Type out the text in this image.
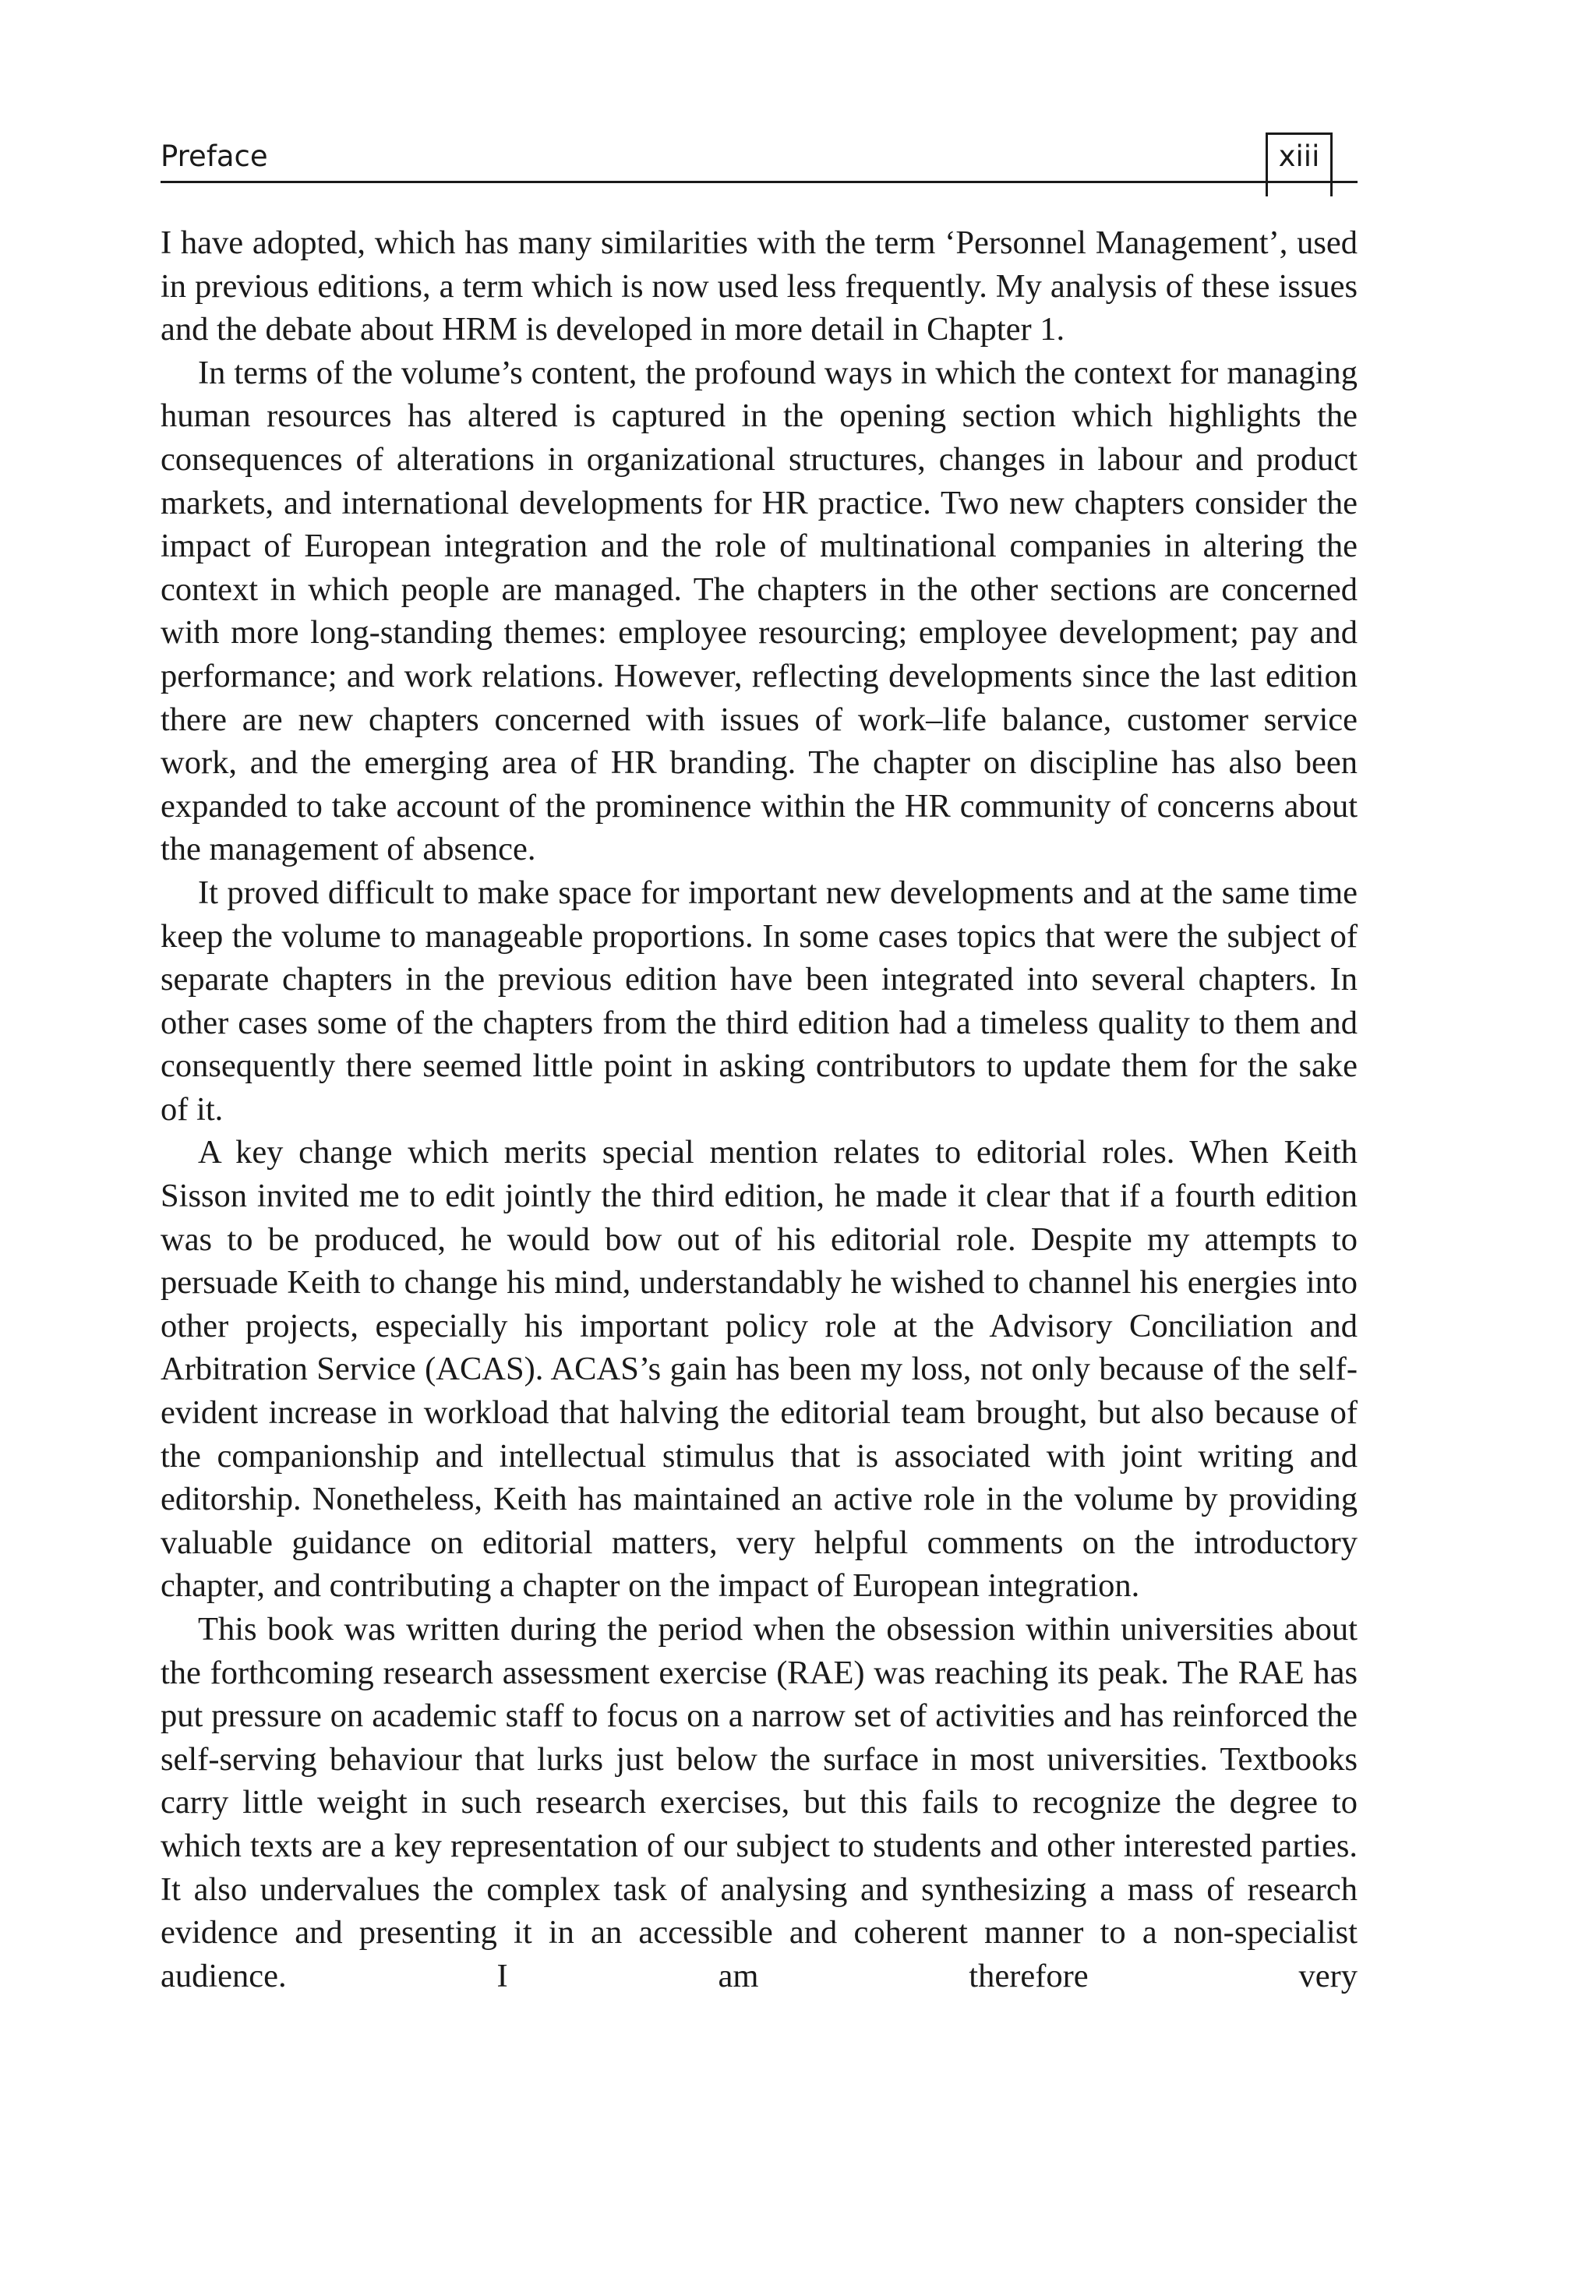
Preface	xiii

I have adopted, which has many similarities with the term ‘Personnel Management’, used in previous editions, a term which is now used less frequently. My analysis of these issues and the debate about HRM is developed in more detail in Chapter 1.

In terms of the volume’s content, the profound ways in which the context for managing human resources has altered is captured in the opening section which highlights the consequences of alterations in organizational structures, changes in labour and product markets, and international developments for HR practice. Two new chapters consider the impact of European integration and the role of multinational companies in altering the context in which people are managed. The chapters in the other sections are concerned with more long-standing themes: employee resourcing; employee development; pay and performance; and work relations. However, reflecting developments since the last edition there are new chapters concerned with issues of work–life balance, customer service work, and the emerging area of HR branding. The chapter on discipline has also been expanded to take account of the prominence within the HR community of concerns about the management of absence.

It proved difficult to make space for important new developments and at the same time keep the volume to manageable proportions. In some cases topics that were the subject of separate chapters in the previous edition have been integrated into several chapters. In other cases some of the chapters from the third edition had a timeless quality to them and consequently there seemed little point in asking contributors to update them for the sake of it.

A key change which merits special mention relates to editorial roles. When Keith Sisson invited me to edit jointly the third edition, he made it clear that if a fourth edition was to be produced, he would bow out of his editorial role. Despite my attempts to persuade Keith to change his mind, understandably he wished to channel his energies into other projects, especially his important policy role at the Advisory Conciliation and Arbitration Service (ACAS). ACAS’s gain has been my loss, not only because of the self-evident increase in workload that halving the editorial team brought, but also because of the companionship and intellectual stimulus that is associated with joint writing and editorship. Nonetheless, Keith has maintained an active role in the volume by providing valuable guidance on editorial matters, very helpful comments on the introductory chapter, and contributing a chapter on the impact of European integration.

This book was written during the period when the obsession within universities about the forthcoming research assessment exercise (RAE) was reaching its peak. The RAE has put pressure on academic staff to focus on a narrow set of activities and has reinforced the self-serving behaviour that lurks just below the surface in most universities. Textbooks carry little weight in such research exercises, but this fails to recognize the degree to which texts are a key representation of our subject to students and other interested parties. It also undervalues the complex task of analysing and synthesizing a mass of research evidence and presenting it in an accessible and coherent manner to a non-specialist audience. I am therefore very
